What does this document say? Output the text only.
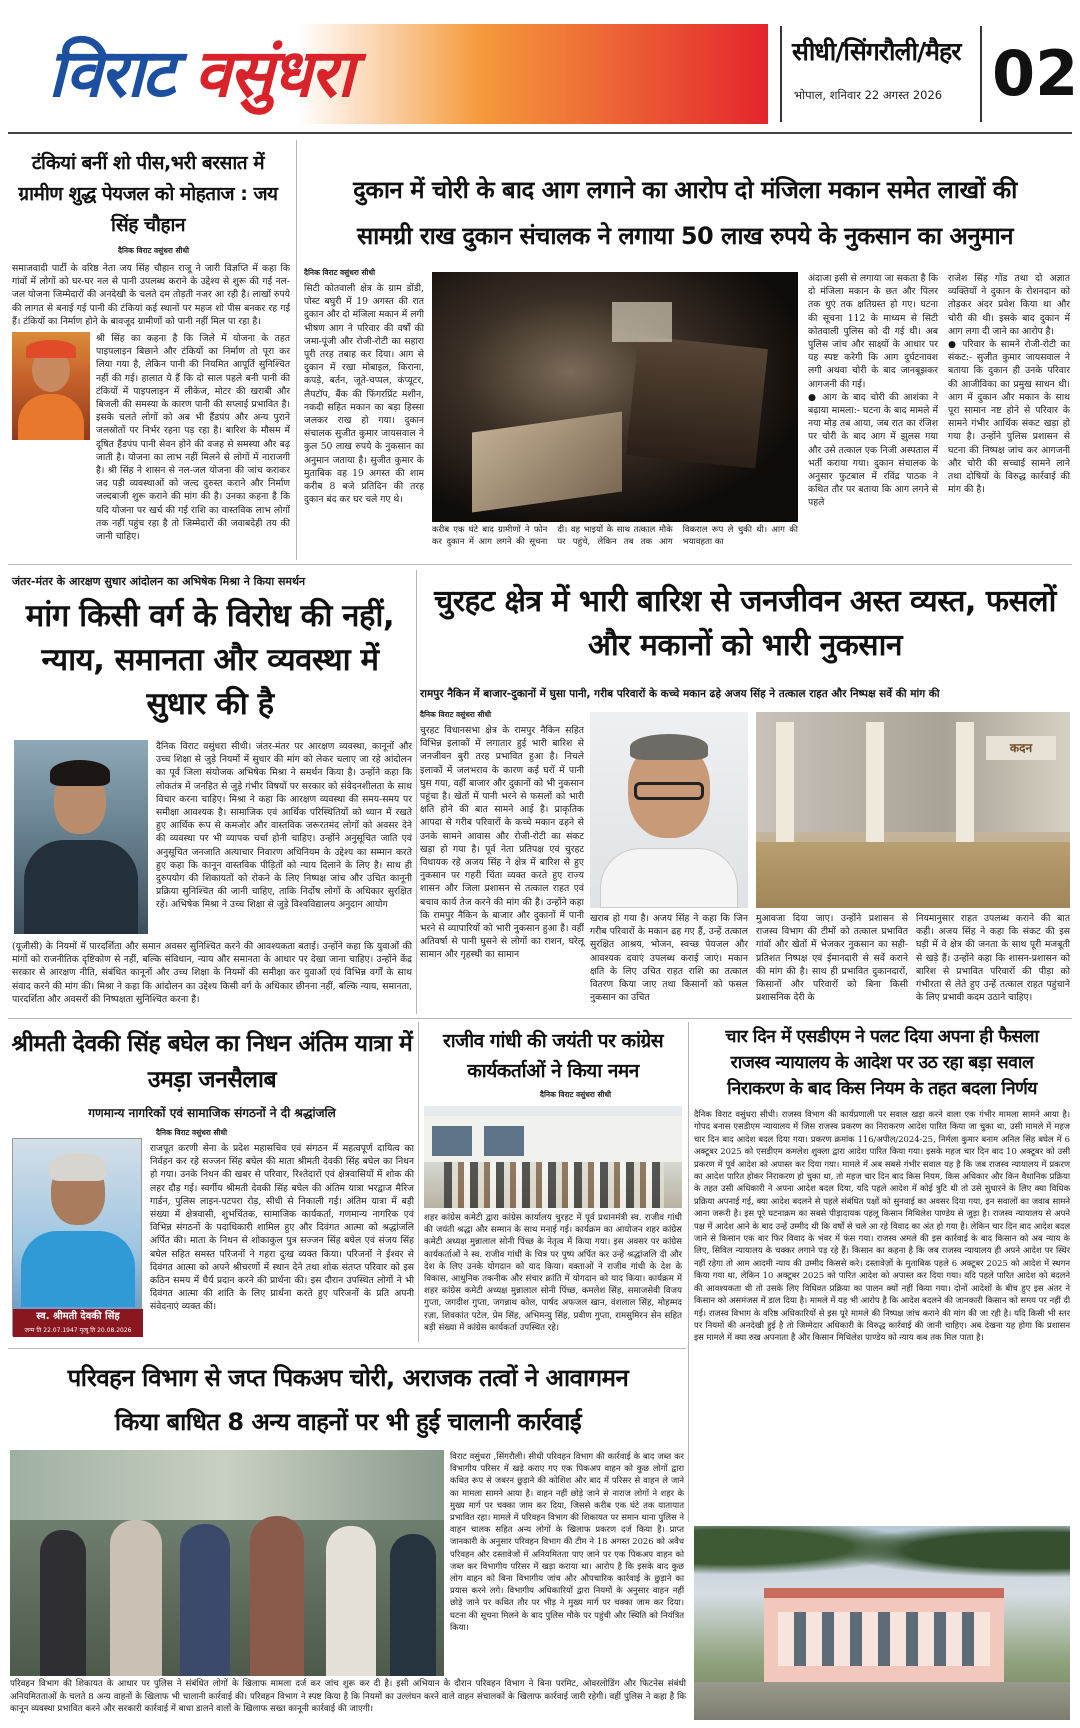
विराट वसुंधरा	सीधी/सिंगरौली/मैहर
भोपाल, शनिवार 22 अगस्त 2026 02
टंकियां बनीं शो पीस,भरी बरसात में ग्रामीण शुद्ध पेयजल को मोहताज : जय सिंह चौहान
दैनिक विराट वसुंधरा सीधी
समाजवादी पार्टी के वरिष्ठ नेता जय सिंह चौहान राजू ने जारी विज्ञप्ति में कहा कि गांवों में लोगों को घर-घर नल से पानी उपलब्ध कराने के उद्देश्य से शुरू की गई नल-जल योजना जिम्मेदारों की अनदेखी के चलते दम तोड़ती नजर आ रही है। लाखों रुपये की लागत से बनाई गई पानी की टंकियां कई स्थानों पर महज शो पीस बनकर रह गई हैं। टंकियों का निर्माण होने के बावजूद ग्रामीणों को पानी नहीं मिल पा रहा है।
श्री सिंह का कहना है कि जिले में योजना के तहत पाइपलाइन बिछाने और टंकियों का निर्माण तो पूरा कर लिया गया है, लेकिन पानी की नियमित आपूर्ति सुनिश्चित नहीं की गई। हालात ये हैं कि दो साल पहले बनी पानी की टंकियों में पाइपलाइन में लीकेज, मोटर की खराबी और बिजली की समस्या के कारण पानी की सप्लाई प्रभावित है। इसके चलते लोगों को अब भी हैंडपंप और अन्य पुराने जलस्रोतों पर निर्भर रहना पड़ रहा है। बारिश के मौसम में दूषित हैंडपंप पानी सेवन होने की वजह से समस्या और बढ़ जाती है। योजना का लाभ नहीं मिलने से लोगों में नाराजगी है। श्री सिंह ने शासन से नल-जल योजना की जांच कराकर जद पड़ी व्यवस्थाओं को जल्द दुरुस्त कराने और निर्माण जल्दबाजी शुरू कराने की मांग की है। उनका कहना है कि यदि योजना पर खर्च की गई राशि का वास्तविक लाभ लोगों तक नहीं पहुंच रहा है तो जिम्मेदारों की जवाबदेही तय की जानी चाहिए।
दुकान में चोरी के बाद आग लगाने का आरोप दो मंजिला मकान समेत लाखों की
सामग्री राख दुकान संचालक ने लगाया 50 लाख रुपये के नुकसान का अनुमान
दैनिक विराट वसुंधरा सीधी
सिटी कोतवाली क्षेत्र के ग्राम डोंडी, पोस्ट बघुरी में 19 अगस्त की रात दुकान और दो मंजिला मकान में लगी भीषण आग ने परिवार की वर्षों की जमा-पूंजी और रोजी-रोटी का सहारा पूरी तरह तबाह कर दिया। आग से दुकान में रखा मोबाइल, किराना, कपड़े, बर्तन, जूते-चप्पल, कंप्यूटर, लैपटॉप, बैंक की फिंगरप्रिंट मशीन, नकदी सहित मकान का बड़ा हिस्सा जलकर राख हो गया। दुकान संचालक सुजीत कुमार जायसवाल ने कुल 50 लाख रुपये के नुकसान का अनुमान जताया है। सुजीत कुमार के मुताबिक वह 19 अगस्त की शाम करीब 8 बजे प्रतिदिन की तरह दुकान बंद कर घर चले गए थे।
करीब एक घंटे बाद ग्रामीणों ने फोन कर दुकान में आग लगने की सूचना दी। वह भाइयों के साथ तत्काल मौके पर पहुंचे, लेकिन तब तक आग विकराल रूप ले चुकी थी। आग की भयावहता का
अंदाजा इसी से लगाया जा सकता है कि दो मंजिला मकान के छत और पिलर तक धुएं तक क्षतिग्रस्त हो गए। घटना की सूचना 112 के माध्यम से सिटी कोतवाली पुलिस को दी गई थी। अब पुलिस जांच और साक्ष्यों के आधार पर यह स्पष्ट करेगी कि आग दुर्घटनावश लगी अथवा चोरी के बाद जानबूझकर आगजनी की गई।
● आग के बाद चोरी की आशंका ने बढ़ाया मामला:- घटना के बाद मामले में नया मोड़ तब आया, जब रात का रंजिश पर चोरी के बाद आग में झुलस गया और उसे तत्काल एक निजी अस्पताल में भर्ती कराया गया। दुकान संचालक के अनुसार फुटबाल में रविंद्र पाठक ने कथित तौर पर बताया कि आग लगने से पहले
राजेश सिंह गोंड तथा दो अज्ञात व्यक्तियों ने दुकान के रोशनदान को तोड़कर अंदर प्रवेश किया था और चोरी की थी। इसके बाद दुकान में आग लगा दी जाने का आरोप है।
● परिवार के सामने रोजी-रोटी का संकट:- सुजीत कुमार जायसवाल ने बताया कि दुकान ही उनके परिवार की आजीविका का प्रमुख साधन थी। आग में दुकान और मकान के साथ पूरा सामान नष्ट होने से परिवार के सामने गंभीर आर्थिक संकट खड़ा हो गया है। उन्होंने पुलिस प्रशासन से घटना की निष्पक्ष जांच कर आगजनी और चोरी की सच्चाई सामने लाने तथा दोषियों के विरुद्ध कार्रवाई की मांग की है।
जंतर-मंतर के आरक्षण सुधार आंदोलन का अभिषेक मिश्रा ने किया समर्थन
मांग किसी वर्ग के विरोध की नहीं, न्याय, समानता और व्यवस्था में सुधार की है
दैनिक विराट वसुंधरा सीधी। जंतर-मंतर पर आरक्षण व्यवस्था, कानूनों और उच्च शिक्षा से जुड़े नियमों में सुधार की मांग को लेकर चलाए जा रहे आंदोलन का पूर्व जिला संयोजक अभिषेक मिश्रा ने समर्थन किया है। उन्होंने कहा कि लोकतंत्र में जनहित से जुड़े गंभीर विषयों पर सरकार को संवेदनशीलता के साथ विचार करना चाहिए। मिश्रा ने कहा कि आरक्षण व्यवस्था की समय-समय पर समीक्षा आवश्यक है। सामाजिक एवं आर्थिक परिस्थितियों को ध्यान में रखते हुए आर्थिक रूप से कमजोर और वास्तविक जरूरतमंद लोगों को अवसर देने की व्यवस्था पर भी व्यापक चर्चा होनी चाहिए। उन्होंने अनुसूचित जाति एवं अनुसूचित जनजाति अत्याचार निवारण अधिनियम के उद्देश्य का सम्मान करते हुए कहा कि कानून वास्तविक पीड़ितों को न्याय दिलाने के लिए है। साथ ही दुरुपयोग की शिकायतों को रोकने के लिए निष्पक्ष जांच और उचित कानूनी प्रक्रिया सुनिश्चित की जानी चाहिए, ताकि निर्दोष लोगों के अधिकार सुरक्षित रहें। अभिषेक मिश्रा ने उच्च शिक्षा से जुड़े विश्वविद्यालय अनुदान आयोग
(यूजीसी) के नियमों में पारदर्शिता और समान अवसर सुनिश्चित करने की आवश्यकता बताई। उन्होंने कहा कि युवाओं की मांगों को राजनीतिक दृष्टिकोण से नहीं, बल्कि संविधान, न्याय और समानता के आधार पर देखा जाना चाहिए। उन्होंने केंद्र सरकार से आरक्षण नीति, संबंधित कानूनों और उच्च शिक्षा के नियमों की समीक्षा कर युवाओं एवं विभिन्न वर्गों के साथ संवाद करने की मांग की। मिश्रा ने कहा कि आंदोलन का उद्देश्य किसी वर्ग के अधिकार छीनना नहीं, बल्कि न्याय, समानता, पारदर्शिता और अवसरों की निष्पक्षता सुनिश्चित करना है।
चुरहट क्षेत्र में भारी बारिश से जनजीवन अस्त व्यस्त, फसलों और मकानों को भारी नुकसान
रामपुर नैकिन में बाजार-दुकानों में घुसा पानी, गरीब परिवारों के कच्चे मकान ढहे अजय सिंह ने तत्काल राहत और निष्पक्ष सर्वे की मांग की
दैनिक विराट वसुंधरा सीधी
चुरहट विधानसभा क्षेत्र के रामपुर नैकिन सहित विभिन्न इलाकों में लगातार हुई भारी बारिश से जनजीवन बुरी तरह प्रभावित हुआ है। निचले इलाकों में जलभराव के कारण कई घरों में पानी घुस गया, वहीं बाजार और दुकानों को भी नुकसान पहुंचा है। खेतों में पानी भरने से फसलों को भारी क्षति होने की बात सामने आई है। प्राकृतिक आपदा से गरीब परिवारों के कच्चे मकान ढहने से उनके सामने आवास और रोजी-रोटी का संकट खड़ा हो गया है। पूर्व नेता प्रतिपक्ष एवं चुरहट विधायक रहे अजय सिंह ने क्षेत्र में बारिश से हुए नुकसान पर गहरी चिंता व्यक्त करते हुए राज्य शासन और जिला प्रशासन से तत्काल राहत एवं बचाव कार्य तेज करने की मांग की है। उन्होंने कहा कि रामपुर नैकिन के बाजार और दुकानों में पानी भरने से व्यापारियों को भारी नुकसान हुआ है। वहीं अतिवर्षा से पानी घुसने से लोगों का राशन, घरेलू सामान और गृहस्थी का सामान
कदन
खराब हो गया है। अजय सिंह ने कहा कि जिन गरीब परिवारों के मकान ढह गए हैं, उन्हें तत्काल सुरक्षित आश्रय, भोजन, स्वच्छ पेयजल और आवश्यक दवाएं उपलब्ध कराई जाएं। मकान क्षति के लिए उचित राहत राशि का तत्काल वितरण किया जाए तथा किसानों को फसल नुकसान का उचित
मुआवजा दिया जाए। उन्होंने प्रशासन से राजस्व विभाग की टीमों को तत्काल प्रभावित गांवों और खेतों में भेजकर नुकसान का सही-प्रतिशत निष्पक्ष एवं ईमानदारी से सर्वे कराने की मांग की है। साथ ही प्रभावित दुकानदारों, किसानों और परिवारों को बिना किसी प्रशासनिक देरी के
नियमानुसार राहत उपलब्ध कराने की बात कही। अजय सिंह ने कहा कि संकट की इस घड़ी में वे क्षेत्र की जनता के साथ पूरी मजबूती से खड़े हैं। उन्होंने कहा कि शासन-प्रशासन को बारिश से प्रभावित परिवारों की पीड़ा को गंभीरता से लेते हुए उन्हें तत्काल राहत पहुंचाने के लिए प्रभावी कदम उठाने चाहिए।
श्रीमती देवकी सिंह बघेल का निधन अंतिम यात्रा में उमड़ा जनसैलाब
गणमान्य नागरिकों एवं सामाजिक संगठनों ने दी श्रद्धांजलि
दैनिक विराट वसुंधरा सीधी
स्व. श्रीमती देवकी सिंह
जन्म ति 22.07.1947 मृत्यु ति 20.08.2026
राजपूत करणी सेना के प्रदेश महासचिव एवं संगठन में महत्वपूर्ण दायित्व का निर्वहन कर रहे सज्जन सिंह बघेल की माता श्रीमती देवकी सिंह बघेल का निधन हो गया। उनके निधन की खबर से परिवार, रिश्तेदारों एवं क्षेत्रवासियों में शोक की लहर दौड़ गई। स्वर्गीय श्रीमती देवकी सिंह बघेल की अंतिम यात्रा भरद्वाज मैरिज गार्डन, पुलिस लाइन-पटपरा रोड़, सीधी से निकाली गई। अंतिम यात्रा में बड़ी संख्या में क्षेत्रवासी, शुभचिंतक, सामाजिक कार्यकर्ता, गणमान्य नागरिक एवं विभिन्न संगठनों के पदाधिकारी शामिल हुए और दिवंगत आत्मा को श्रद्धांजलि अर्पित की। माता के निधन से शोकाकुल पुत्र सज्जन सिंह बघेल एवं संजय सिंह बघेल सहित समस्त परिजनों ने गहरा दुःख व्यक्त किया। परिजनों ने ईश्वर से दिवंगत आत्मा को अपने श्रीचरणों में स्थान देने तथा शोक संतप्त परिवार को इस कठिन समय में धैर्य प्रदान करने की प्रार्थना की। इस दौरान उपस्थित लोगों ने भी दिवंगत आत्मा की शांति के लिए प्रार्थना करते हुए परिजनों के प्रति अपनी संवेदनाएं व्यक्त कीं।
राजीव गांधी की जयंती पर कांग्रेस कार्यकर्ताओं ने किया नमन
दैनिक विराट वसुंधरा सीधी
शहर कांग्रेस कमेटी द्वारा कांग्रेस कार्यालय चुरहट में पूर्व प्रधानमंत्री स्व. राजीव गांधी की जयंती श्रद्धा और सम्मान के साथ मनाई गई। कार्यक्रम का आयोजन शहर कांग्रेस कमेटी अध्यक्ष मुन्नालाल सोनी पिंच्छ के नेतृत्व में किया गया। इस अवसर पर कांग्रेस कार्यकर्ताओं ने स्व. राजीव गांधी के चित्र पर पुष्प अर्पित कर उन्हें श्रद्धांजलि दी और देश के लिए उनके योगदान को याद किया। वक्ताओं ने राजीव गांधी के देश के विकास, आधुनिक तकनीक और संचार क्रांति में योगदान को याद किया। कार्यक्रम में शहर कांग्रेस कमेटी अध्यक्ष मुन्नालाल सोनी पिंच्छ, कमलेश सिंह, समाजसेवी विजय गुप्ता, जगदीश गुप्ता, जगन्नाथ कोल, पार्षद अफजल खान, वंशलाल सिंह, मोहम्मद रज़ा, शिवकांत पटेल, प्रेम सिंह, अभिमन्यु सिंह, प्रवीण गुप्ता, रामसुमिरन सेन सहित बड़ी संख्या में कांग्रेस कार्यकर्ता उपस्थित रहे।
चार दिन में एसडीएम ने पलट दिया अपना ही फैसला
राजस्व न्यायालय के आदेश पर उठ रहा बड़ा सवाल
निराकरण के बाद किस नियम के तहत बदला निर्णय
दैनिक विराट वसुंधरा सीधी। राजस्व विभाग की कार्यप्रणाली पर सवाल खड़ा करने वाला एक गंभीर मामला सामने आया है। गोपद बनास एसडीएम न्यायालय में जिस राजस्व प्रकरण का निराकरण आदेश पारित किया जा चुका था, उसी मामले में महज चार दिन बाद आदेश बदल दिया गया। प्रकरण क्रमांक 116/अपील/2024-25, निर्मला कुमार बनाम अनिल सिंह बघेल में 6 अक्टूबर 2025 को एसडीएम कमलेश शुक्ला द्वारा आदेश पारित किया गया। इसके महज चार दिन बाद 10 अक्टूबर को उसी प्रकरण में पूर्व आदेश को अपास्त कर दिया गया। मामले में अब सबसे गंभीर सवाल यह है कि जब राजस्व न्यायालय में प्रकरण का आदेश पारित होकर निराकरण हो चुका था, तो महज चार दिन बाद किस नियम, किस अधिकार और किन वैधानिक प्रक्रिया के तहत उसी अधिकारी ने अपना आदेश बदल दिया, यदि पहले आदेश में कोई त्रुटि थी तो उसे सुधारने के लिए क्या विधिक प्रक्रिया अपनाई गई, क्या आदेश बदलने से पहले संबंधित पक्षों को सुनवाई का अवसर दिया गया, इन सवालों का जवाब सामने आना जरूरी है। इस पूरे घटनाक्रम का सबसे पीड़ादायक पहलू किसान मिथिलेश पाण्डेय से जुड़ा है। राजस्व न्यायालय से अपने पक्ष में आदेश आने के बाद उन्हें उम्मीद थी कि वर्षों से चले आ रहे विवाद का अंत हो गया है। लेकिन चार दिन बाद आदेश बदल जाने से किसान एक बार फिर विवाद के भंवर में फंस गया। राजस्व अमले की इस कार्रवाई के बाद किसान को अब न्याय के लिए, सिविल न्यायालय के चक्कर लगाने पड़ रहे हैं। किसान का कहना है कि जब राजस्व न्यायालय ही अपने आदेश पर स्थिर नहीं रहेगा तो आम आदमी न्याय की उम्मीद किससे करे। दस्तावेज़ों के मुताबिक पहले 6 अक्टूबर 2025 को आदेश में स्थगन किया गया था, लेकिन 10 अक्टूबर 2025 को पारित आदेश को अपास्त कर दिया गया। यदि पहले पारित आदेश को बदलने की आवश्यकता थी तो उसके लिए विधिवत प्रक्रिया का पालन क्यों नहीं किया गया। दोनों आदेशों के बीच हुए इस अंतर ने किसान को असमंजस में डाल दिया है। मामले में यह भी आरोप है कि आदेश बदलने की जानकारी किसान को समय पर नहीं दी गई। राजस्व विभाग के वरिष्ठ अधिकारियों से इस पूरे मामले की निष्पक्ष जांच कराने की मांग की जा रही है। यदि किसी भी स्तर पर नियमों की अनदेखी हुई है तो जिम्मेदार अधिकारी के विरुद्ध कार्रवाई की जानी चाहिए। अब देखना यह होगा कि प्रशासन इस मामले में क्या रुख अपनाता है और किसान मिथिलेश पाण्डेय को न्याय कब तक मिल पाता है।
परिवहन विभाग से जप्त पिकअप चोरी, अराजक तत्वों ने आवागमन
किया बाधित 8 अन्य वाहनों पर भी हुई चालानी कार्रवाई
विराट वसुंधरा ,सिंगरौली। सीधी परिवहन विभाग की कार्रवाई के बाद जब्त कर विभागीय परिसर में खड़े कराए गए एक पिकअप वाहन को कुछ लोगों द्वारा कथित रूप से जबरन छुड़ाने की कोशिश और बाद में परिसर से वाहन ले जाने का मामला सामने आया है। वाहन नहीं छोड़े जाने से नाराज लोगों ने शहर के मुख्य मार्ग पर चक्का जाम कर दिया, जिससे करीब एक घंटे तक यातायात प्रभावित रहा। मामले में परिवहन विभाग की शिकायत पर समान थाना पुलिस ने वाहन चालक सहित अन्य लोगों के खिलाफ प्रकरण दर्ज किया है। प्राप्त जानकारी के अनुसार परिवहन विभाग की टीम ने 18 अगस्त 2026 को अवैध परिवहन और दस्तावेजों में अनियमितता पाए जाने पर एक पिकअप वाहन को जब्त कर विभागीय परिसर में खड़ा कराया था। आरोप है कि इसके बाद कुछ लोग वाहन को बिना विभागीय जांच और औपचारिक कार्रवाई के छुड़ाने का प्रयास करने लगे। विभागीय अधिकारियों द्वारा नियमों के अनुसार वाहन नहीं छोड़े जाने पर कथित तौर पर भीड़ ने मुख्य मार्ग पर चक्का जाम कर दिया। घटना की सूचना मिलने के बाद पुलिस मौके पर पहुंची और स्थिति को नियंत्रित किया।
परिवहन विभाग की शिकायत के आधार पर पुलिस ने संबंधित लोगों के खिलाफ मामला दर्ज कर जांच शुरू कर दी है। इसी अभियान के दौरान परिवहन विभाग ने बिना परमिट, ओवरलोडिंग और फिटनेस संबंधी अनियमितताओं के चलते 8 अन्य वाहनों के खिलाफ भी चालानी कार्रवाई की। परिवहन विभाग ने स्पष्ट किया है कि नियमों का उल्लंघन करने वाले वाहन संचालकों के खिलाफ कार्रवाई जारी रहेगी। वहीं पुलिस ने कहा है कि कानून व्यवस्था प्रभावित करने और सरकारी कार्रवाई में बाधा डालने वालों के खिलाफ सख्त कानूनी कार्रवाई की जाएगी।
